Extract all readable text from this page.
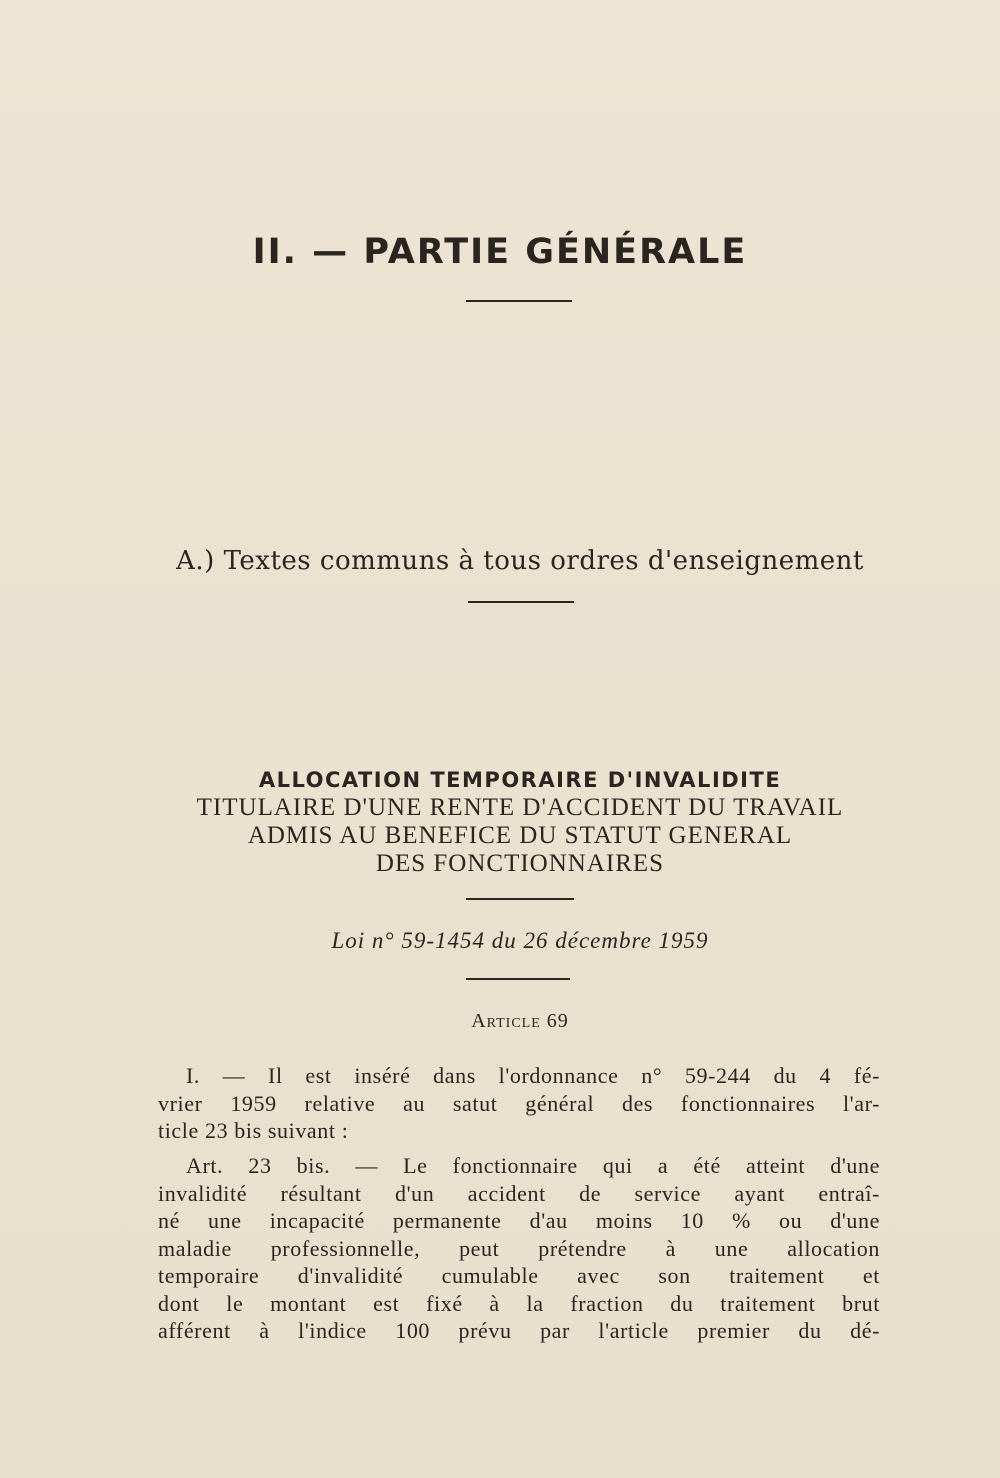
II. — PARTIE GÉNÉRALE
A.) Textes communs à tous ordres d'enseignement
ALLOCATION TEMPORAIRE D'INVALIDITE
TITULAIRE D'UNE RENTE D'ACCIDENT DU TRAVAIL
ADMIS AU BENEFICE DU STATUT GENERAL
DES FONCTIONNAIRES
Loi n° 59-1454 du 26 décembre 1959
Article 69
I. — Il est inséré dans l'ordonnance n° 59-244 du 4 fé-
vrier 1959 relative au satut général des fonctionnaires l'ar-
ticle 23 bis suivant :
Art. 23 bis. — Le fonctionnaire qui a été atteint d'une
invalidité résultant d'un accident de service ayant entraî-
né une incapacité permanente d'au moins 10 % ou d'une
maladie professionnelle, peut prétendre à une allocation
temporaire d'invalidité cumulable avec son traitement et
dont le montant est fixé à la fraction du traitement brut
afférent à l'indice 100 prévu par l'article premier du dé-
